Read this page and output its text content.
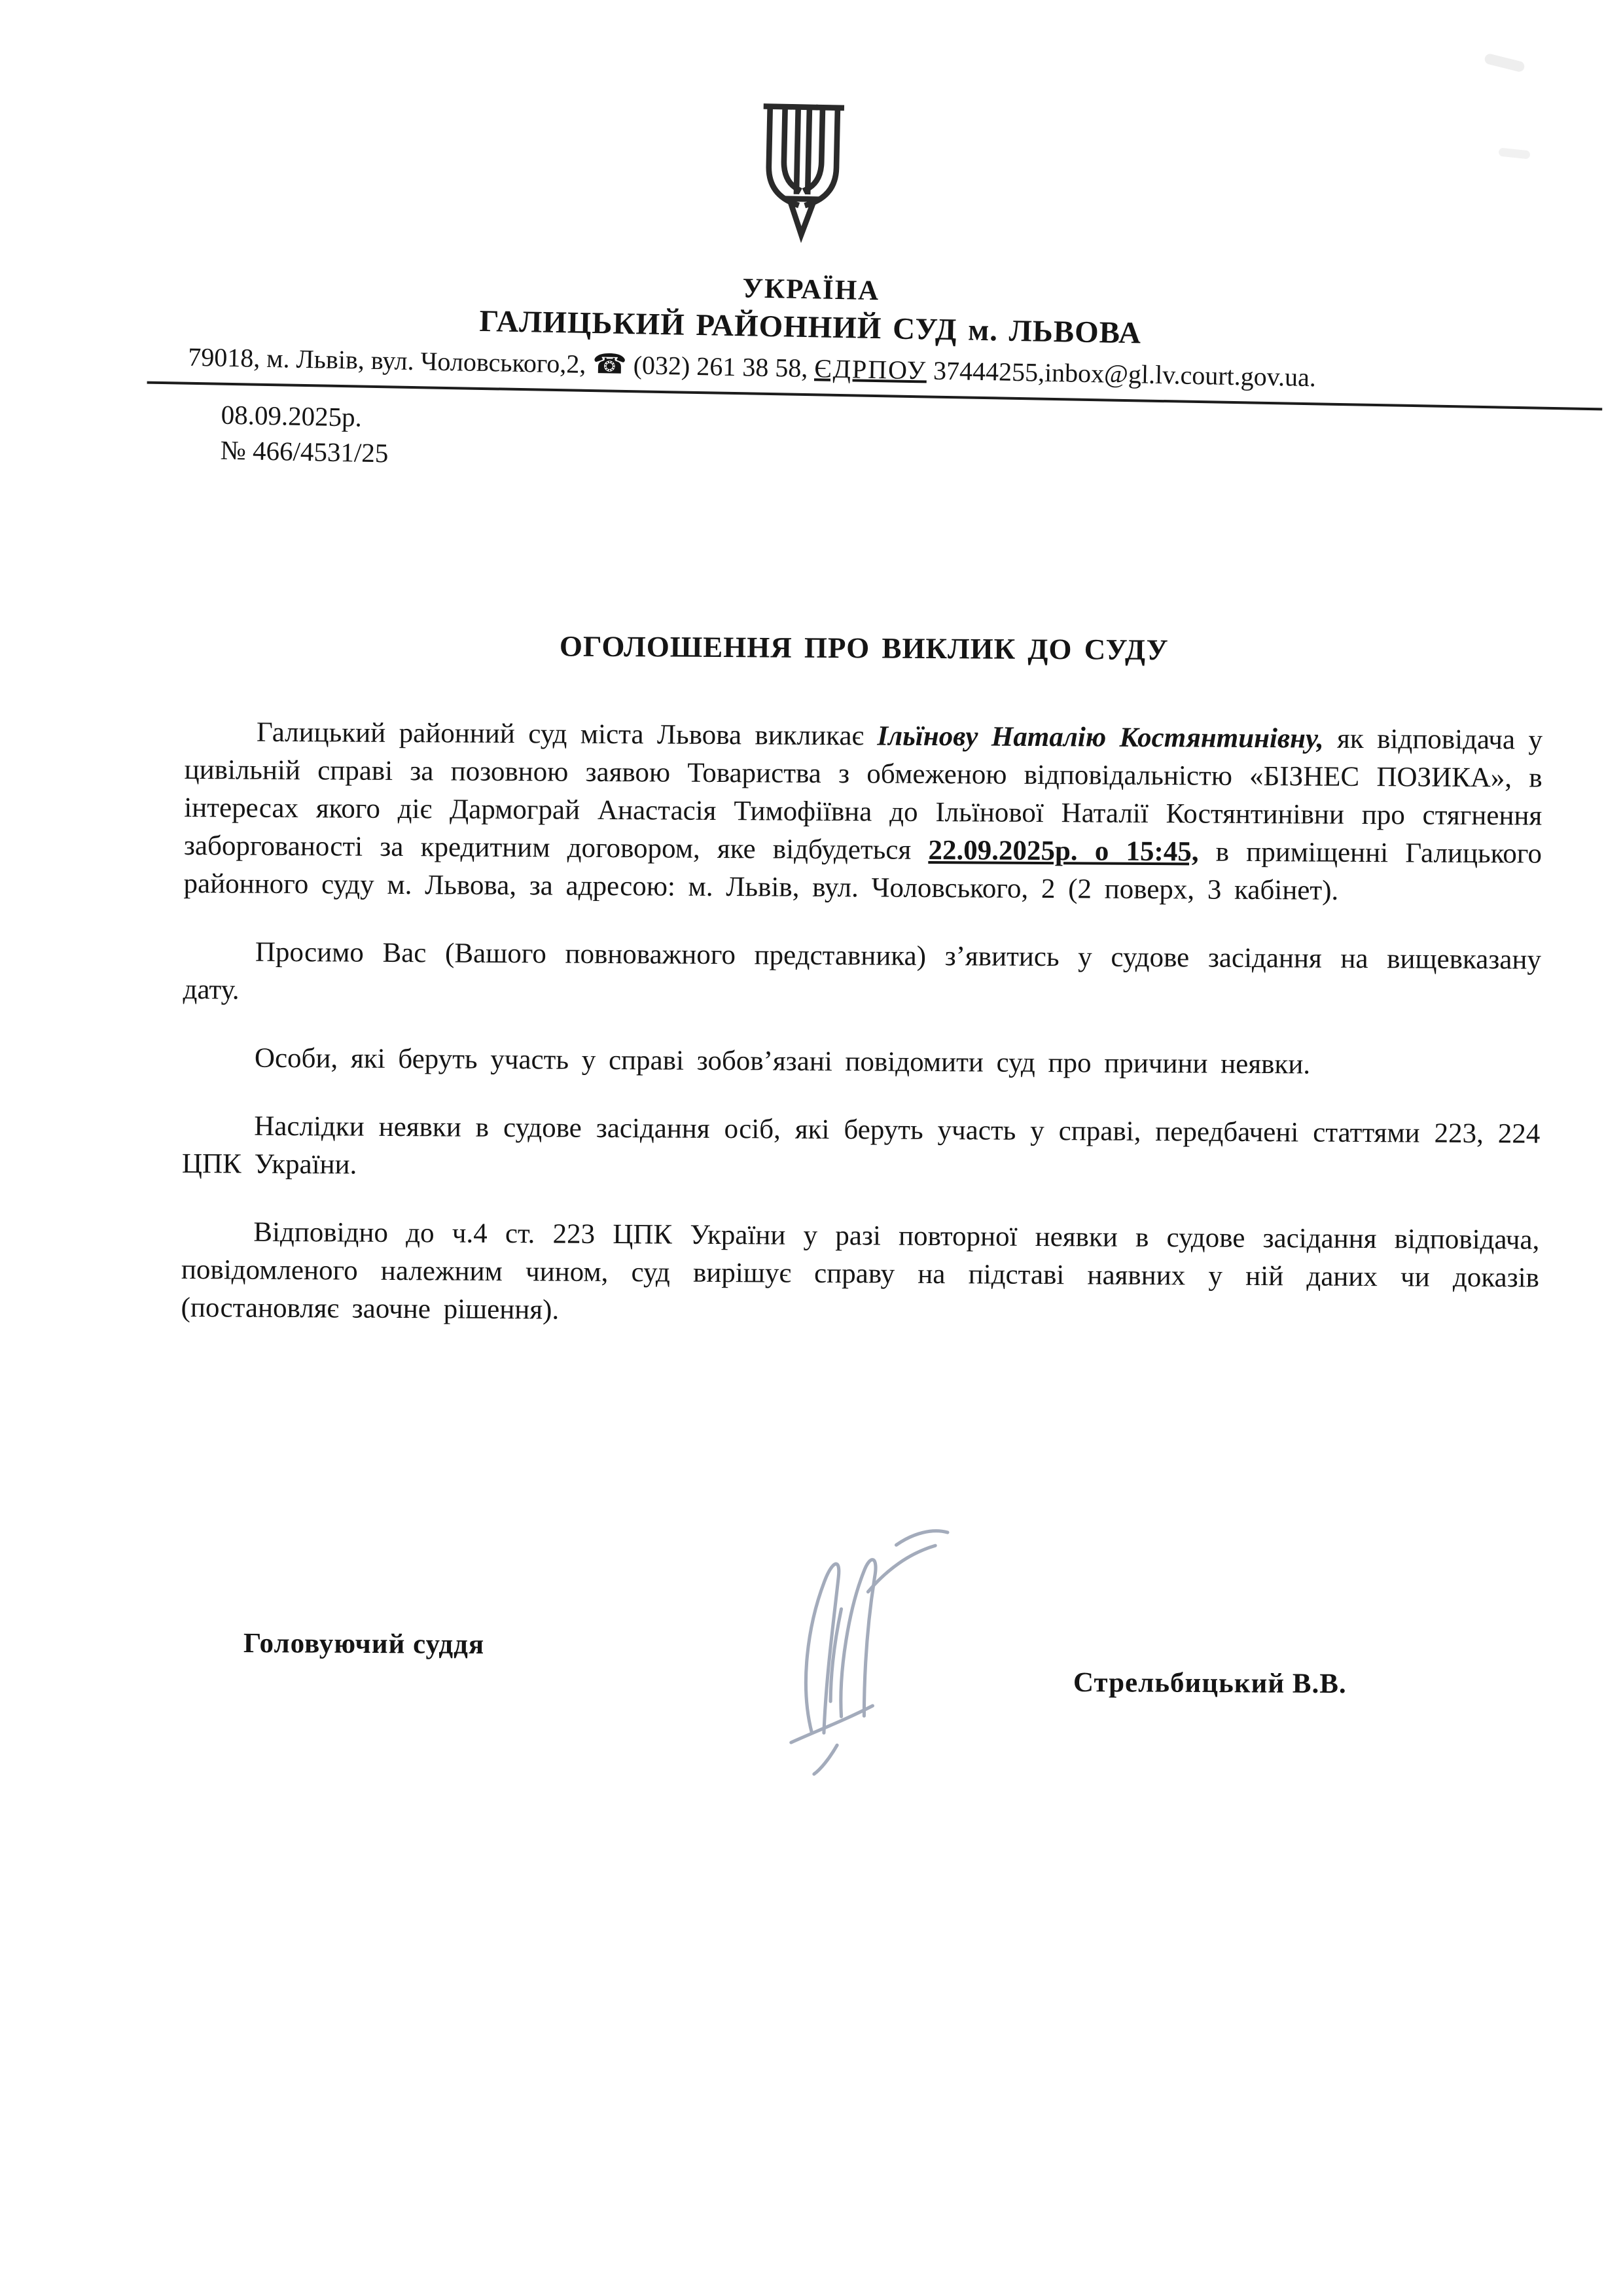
УКРАЇНА
ГАЛИЦЬКИЙ РАЙОННИЙ СУД м. ЛЬВОВА
79018, м. Львів, вул. Чоловського,2, ☎ (032) 261 38 58, ЄДРПОУ 37444255,inbox@gl.lv.court.gov.ua.
08.09.2025р.
№ 466/4531/25
ОГОЛОШЕННЯ ПРО ВИКЛИК ДО СУДУ

Галицький районний суд міста Львова викликає Ільїнову Наталію Костянтинівну, як відповідача у цивільній справі за позовною заявою Товариства з обмеженою відповідальністю «БІЗНЕС ПОЗИКА», в інтересах якого діє Дармограй Анастасія Тимофіївна до Ільїнової Наталії Костянтинівни про стягнення заборгованості за кредитним договором, яке відбудеться 22.09.2025р. о 15:45, в приміщенні Галицького районного суду м. Львова, за адресою: м. Львів, вул. Чоловського, 2 (2 поверх, 3 кабінет).

Просимо Вас (Вашого повноважного представника) з’явитись у судове засідання на вищевказану дату.

Особи, які беруть участь у справі зобов’язані повідомити суд про причини неявки.

Наслідки неявки в судове засідання осіб, які беруть участь у справі, передбачені статтями 223, 224 ЦПК України.

Відповідно до ч.4 ст. 223 ЦПК України у разі повторної неявки в судове засідання відповідача, повідомленого належним чином, суд вирішує справу на підставі наявних у ній даних чи доказів (постановляє заочне рішення).

Головуючий суддя
Стрельбицький В.В.
